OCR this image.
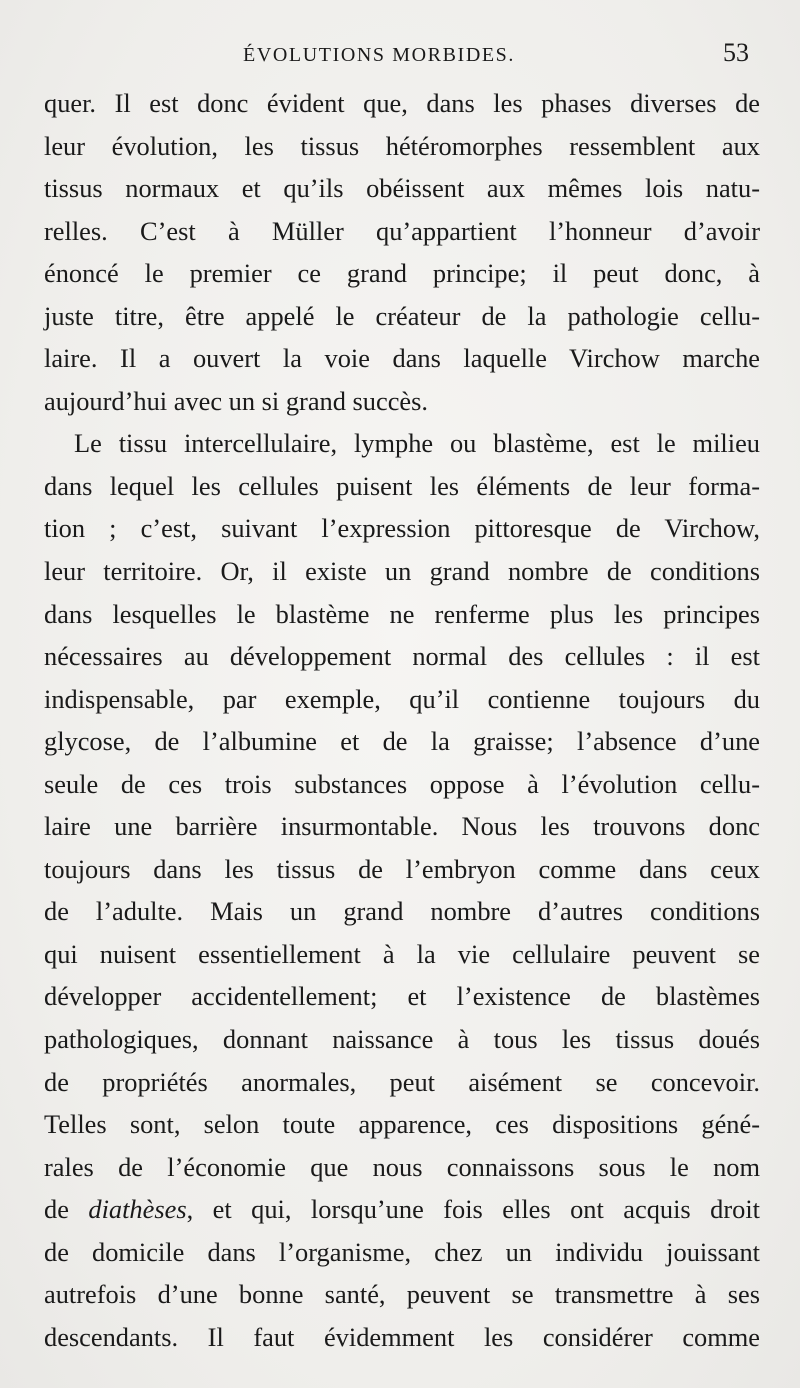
ÉVOLUTIONS MORBIDES.	53
quer. Il est donc évident que, dans les phases diverses de
leur évolution, les tissus hétéromorphes ressemblent aux
tissus normaux et qu’ils obéissent aux mêmes lois natu-
relles. C’est à Müller qu’appartient l’honneur d’avoir
énoncé le premier ce grand principe; il peut donc, à
juste titre, être appelé le créateur de la pathologie cellu-
laire. Il a ouvert la voie dans laquelle Virchow marche
aujourd’hui avec un si grand succès.
Le tissu intercellulaire, lymphe ou blastème, est le milieu
dans lequel les cellules puisent les éléments de leur forma-
tion ; c’est, suivant l’expression pittoresque de Virchow,
leur territoire. Or, il existe un grand nombre de conditions
dans lesquelles le blastème ne renferme plus les principes
nécessaires au développement normal des cellules : il est
indispensable, par exemple, qu’il contienne toujours du
glycose, de l’albumine et de la graisse; l’absence d’une
seule de ces trois substances oppose à l’évolution cellu-
laire une barrière insurmontable. Nous les trouvons donc
toujours dans les tissus de l’embryon comme dans ceux
de l’adulte. Mais un grand nombre d’autres conditions
qui nuisent essentiellement à la vie cellulaire peuvent se
développer accidentellement; et l’existence de blastèmes
pathologiques, donnant naissance à tous les tissus doués
de propriétés anormales, peut aisément se concevoir.
Telles sont, selon toute apparence, ces dispositions géné-
rales de l’économie que nous connaissons sous le nom
de diathèses, et qui, lorsqu’une fois elles ont acquis droit
de domicile dans l’organisme, chez un individu jouissant
autrefois d’une bonne santé, peuvent se transmettre à ses
descendants. Il faut évidemment les considérer comme
